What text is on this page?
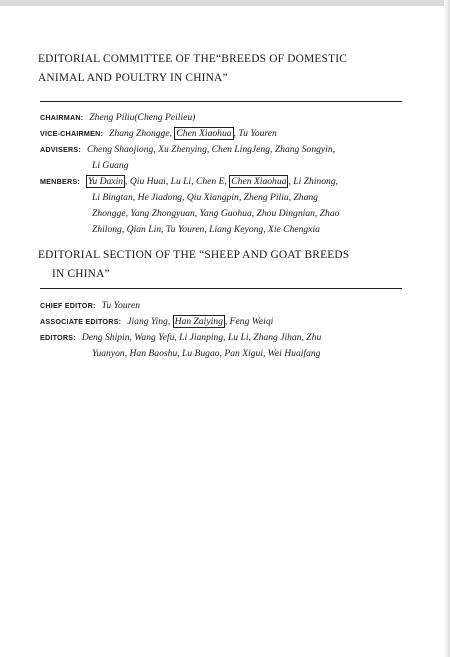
EDITORIAL COMMITTEE OF THE“BREEDS OF DOMESTIC
ANIMAL AND POULTRY IN CHINA”
CHAIRMAN: Zheng Piliu(Cheng Peilieu)
VICE-CHAIRMEN: Zhang Zhongge, Chen Xiaohua , Tu Youren
ADVISERS: Cheng Shaojiong, Xu Zhenying, Chen LingJeng, Zhang Songyin,
Li Guang
MENBERS: Yu Daxin , Qiu Huai, Lu Li, Chen E, Chen Xiaohua , Li Zhinong,
Li Bingtan, He Jiadong, Qiu Xiangpin, Zheng Piliu, Zhang
Zhongge, Yang Zhongyuan, Yang Guohua, Zhou Dingnian, Zhao
Zhilong, Qian Lin, Tu Youren, Liang Keyong, Xie Chengxia
EDITORIAL SECTION OF THE “SHEEP AND GOAT BREEDS
IN CHINA”
CHIEF EDITOR: Tu Youren
ASSOCIATE EDITORS: Jiang Ying, Han Zaiying , Feng Weiqi
EDITORS: Deng Shipin, Wang Yefu, Li Jianping, Lu Li, Zhang Jihan, Zhu
Yuanyon, Han Baoshu, Lu Bugao, Pan Xigui, Wei Huaifang
